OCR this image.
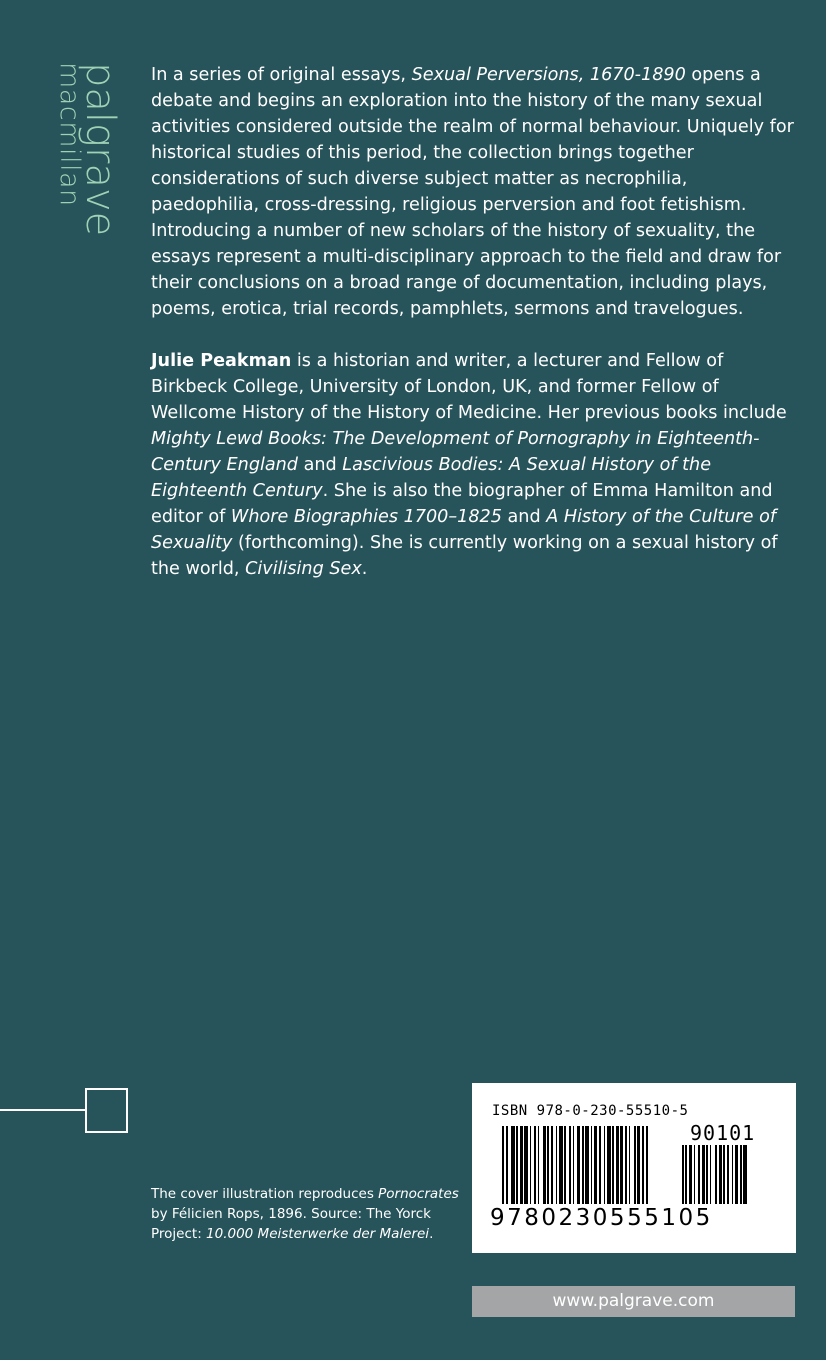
palgrave
macmillan	In a series of original essays, Sexual Perversions, 1670-1890 opens a debate and begins an exploration into the history of the many sexual activities considered outside the realm of normal behaviour. Uniquely for historical studies of this period, the collection brings together considerations of such diverse subject matter as necrophilia, paedophilia, cross-dressing, religious perversion and foot fetishism. Introducing a number of new scholars of the history of sexuality, the essays represent a multi-disciplinary approach to the field and draw for their conclusions on a broad range of documentation, including plays, poems, erotica, trial records, pamphlets, sermons and travelogues.

Julie Peakman is a historian and writer, a lecturer and Fellow of Birkbeck College, University of London, UK, and former Fellow of Wellcome History of the History of Medicine. Her previous books include Mighty Lewd Books: The Development of Pornography in Eighteenth-Century England and Lascivious Bodies: A Sexual History of the Eighteenth Century. She is also the biographer of Emma Hamilton and editor of Whore Biographies 1700–1825 and A History of the Culture of Sexuality (forthcoming). She is currently working on a sexual history of the world, Civilising Sex.

The cover illustration reproduces Pornocrates by Félicien Rops, 1896. Source: The Yorck Project: 10.000 Meisterwerke der Malerei.
ISBN 978-0-230-55510-5
90101
9780230555105
www.palgrave.com
